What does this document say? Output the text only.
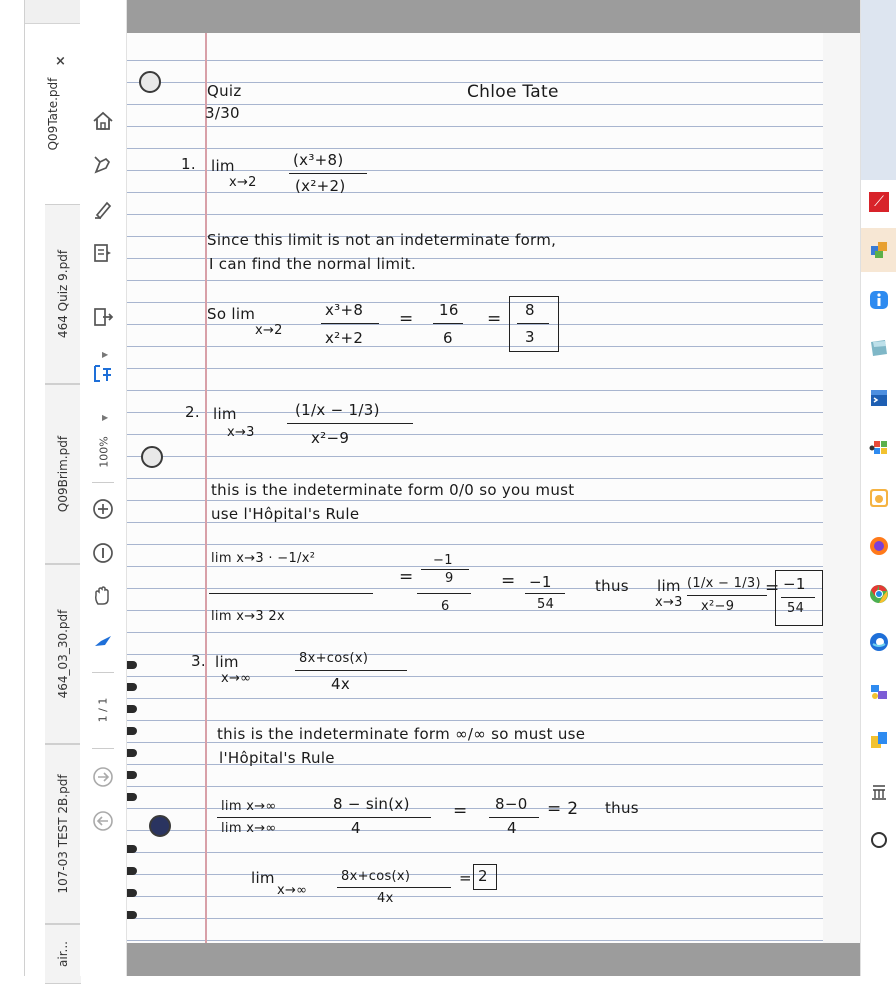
×
Q09Tate.pdf
464 Quiz 9.pdf
Q09Brim.pdf
464_03_30.pdf
107-03 TEST 2B.pdf
air...
▶
▶
100%
1 / 1
Quiz
3/30
Chloe Tate
1. lim
x→2
(x³+8)
(x²+2)
Since this limit is not an indeterminate form,
I can find the normal limit.
So lim
x→2
x³+8
x²+2
= 16
6
= 8
3
2. lim
x→3
(1/x − 1/3)
x²−9
this is the indeterminate form 0/0 so you must
use l'Hôpital's Rule
lim x→3 · −1/x²
lim x→3 2x
=
−1
9
6
= −1
54
thus lim
x→3
(1/x − 1/3)
x²−9
= −1
54
3. lim
x→∞
8x+cos(x)
4x
this is the indeterminate form ∞/∞ so must use
l'Hôpital's Rule
lim x→∞
lim x→∞
8 − sin(x)
4
= 8−0
4
= 2 thus
lim
x→∞
8x+cos(x)
4x
= 2
⟋
